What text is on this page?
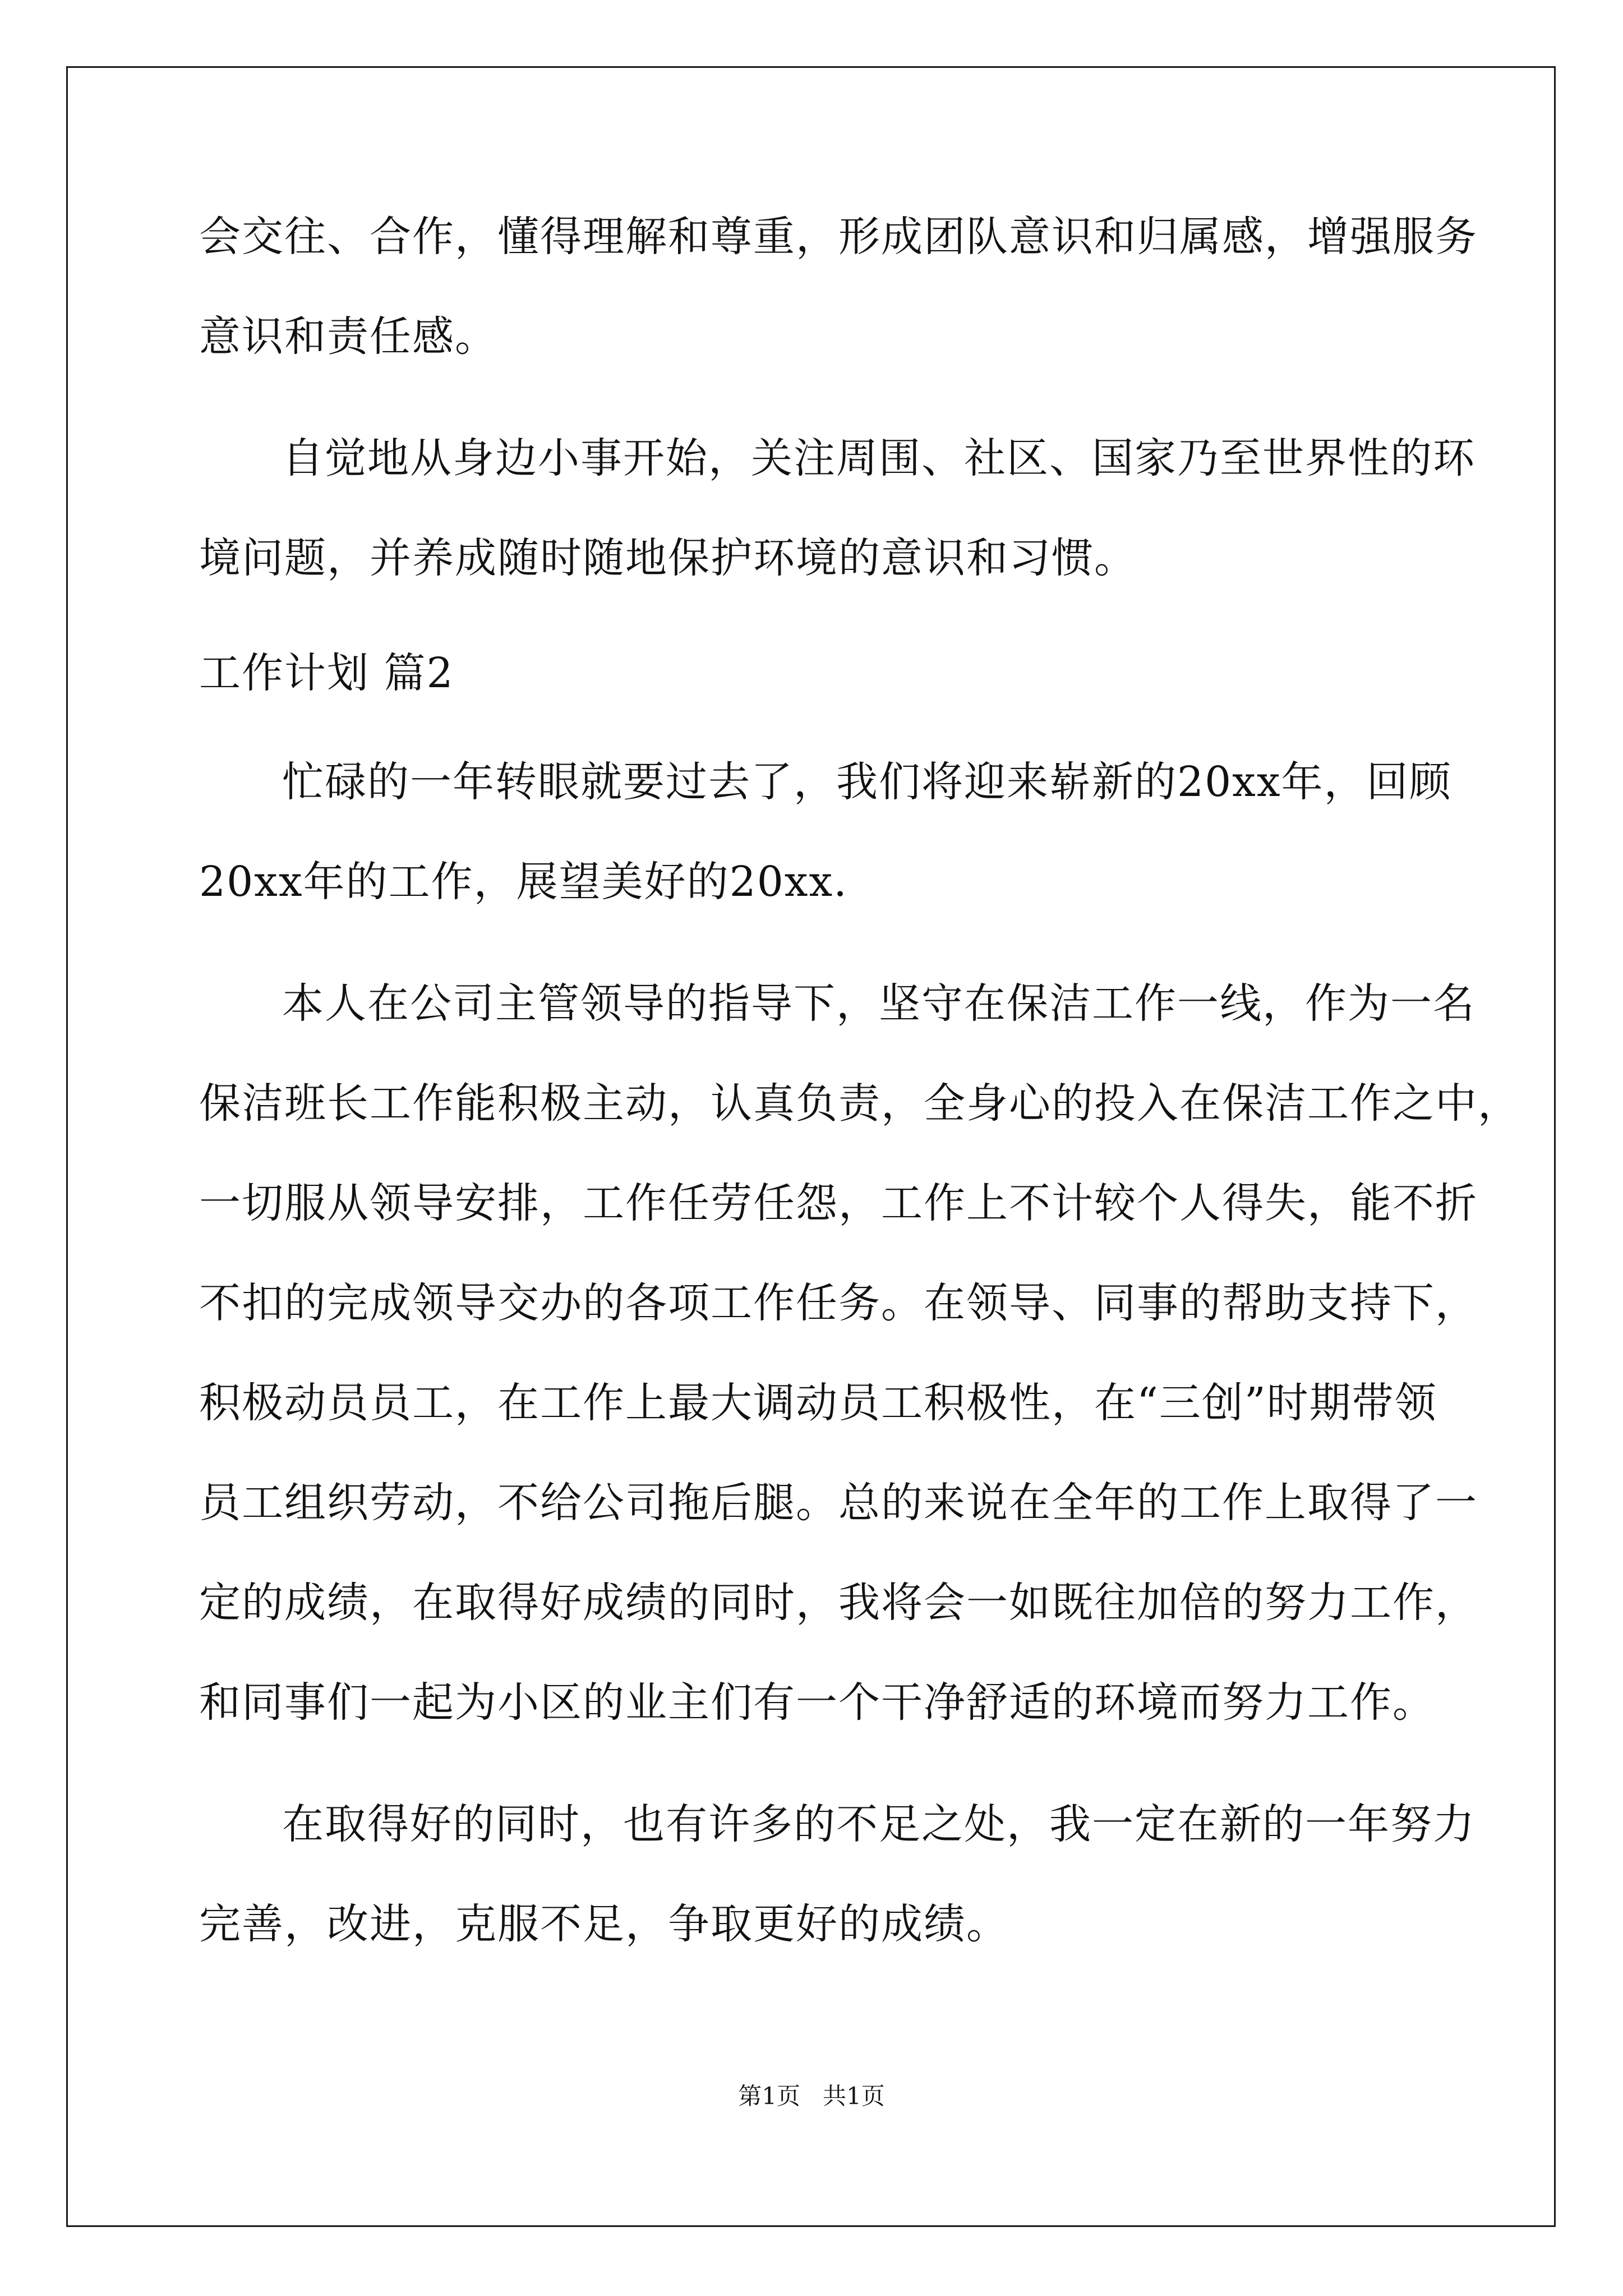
会交往、合作，懂得理解和尊重，形成团队意识和归属感，增强服务
意识和责任感。
自觉地从身边小事开始，关注周围、社区、国家乃至世界性的环
境问题，并养成随时随地保护环境的意识和习惯。
工作计划 篇2
忙碌的一年转眼就要过去了，我们将迎来崭新的20xx年，回顾
20xx年的工作，展望美好的20xx.
本人在公司主管领导的指导下，坚守在保洁工作一线，作为一名
保洁班长工作能积极主动，认真负责，全身心的投入在保洁工作之中，
一切服从领导安排，工作任劳任怨，工作上不计较个人得失，能不折
不扣的完成领导交办的各项工作任务。在领导、同事的帮助支持下，
积极动员员工，在工作上最大调动员工积极性，在“三创”时期带领
员工组织劳动，不给公司拖后腿。总的来说在全年的工作上取得了一
定的成绩，在取得好成绩的同时，我将会一如既往加倍的努力工作，
和同事们一起为小区的业主们有一个干净舒适的环境而努力工作。
在取得好的同时，也有许多的不足之处，我一定在新的一年努力
完善，改进，克服不足，争取更好的成绩。
第1页   共1页
